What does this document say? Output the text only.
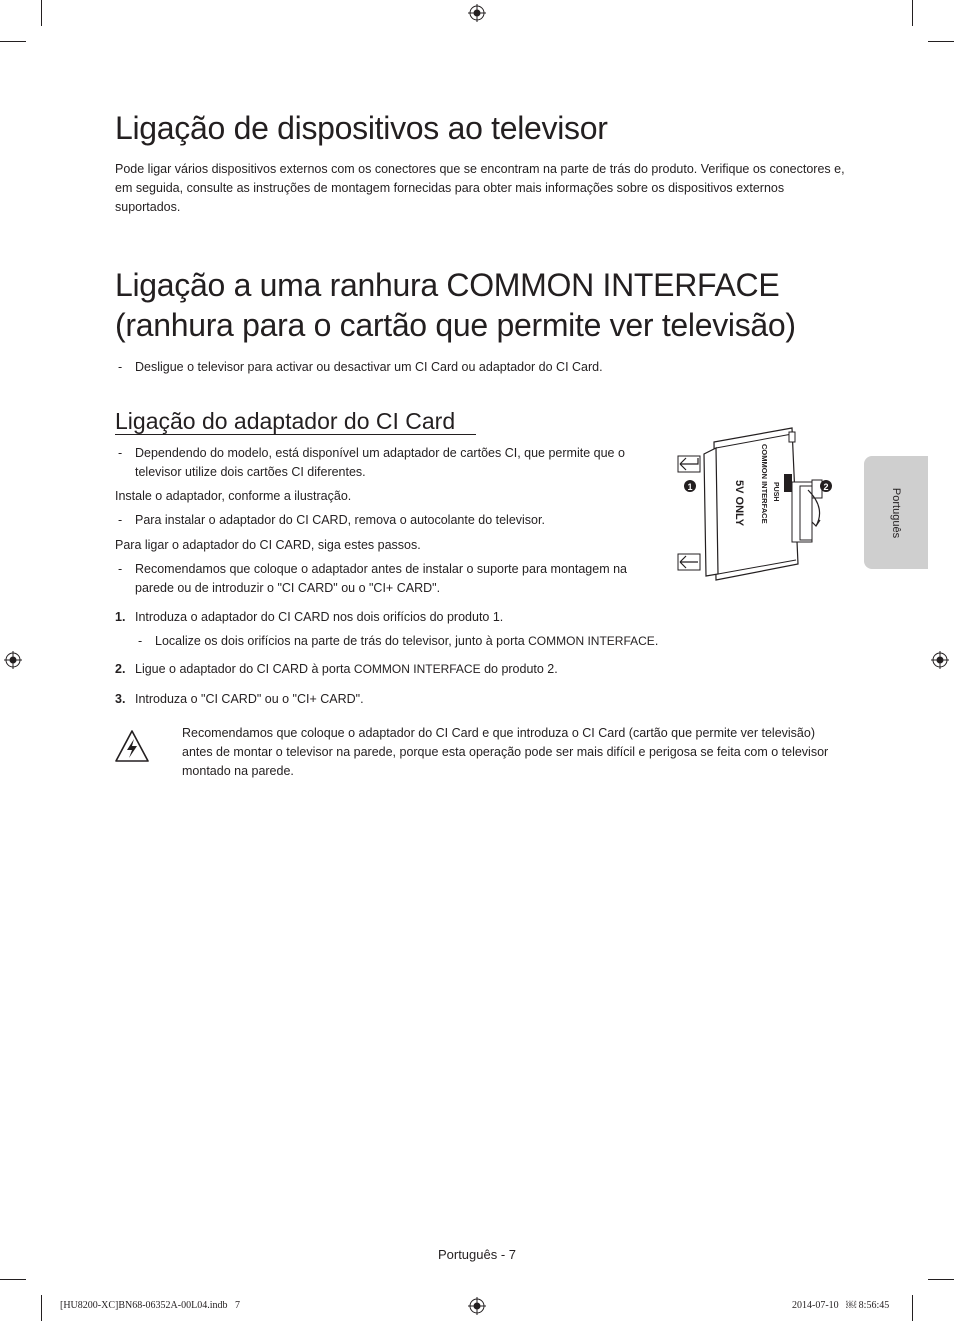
Português
Ligação de dispositivos ao televisor

Pode ligar vários dispositivos externos com os conectores que se encontram na parte de trás do produto. Verifique os conectores e, em seguida, consulte as instruções de montagem fornecidas para obter mais informações sobre os dispositivos externos suportados.

Ligação a uma ranhura COMMON INTERFACE
(ranhura para o cartão que permite ver televisão)
- Desligue o televisor para activar ou desactivar um CI Card ou adaptador do CI Card.
Ligação do adaptador do CI Card
- Dependendo do modelo, está disponível um adaptador de cartões CI, que permite que o televisor utilize dois cartões CI diferentes.
Instale o adaptador, conforme a ilustração.
- Para instalar o adaptador do CI CARD, remova o autocolante do televisor.
Para ligar o adaptador do CI CARD, siga estes passos.
- Recomendamos que coloque o adaptador antes de instalar o suporte para montagem na parede ou de introduzir o "CI CARD" ou o "CI+ CARD".
1	2
PUSH
COMMON INTERFACE
5V ONLY
1. Introduza o adaptador do CI CARD nos dois orifícios do produto 1.
- Localize os dois orifícios na parte de trás do televisor, junto à porta COMMON INTERFACE.
2. Ligue o adaptador do CI CARD à porta COMMON INTERFACE do produto 2.
3. Introduza o "CI CARD" ou o "CI+ CARD".

Recomendamos que coloque o adaptador do CI Card e que introduza o CI Card (cartão que permite ver televisão) antes de montar o televisor na parede, porque esta operação pode ser mais difícil e perigosa se feita com o televisor montado na parede.

Português - 7
[HU8200-XC]BN68-06352A-00L04.indb   7	2014-07-10   ￼ 8:56:45
